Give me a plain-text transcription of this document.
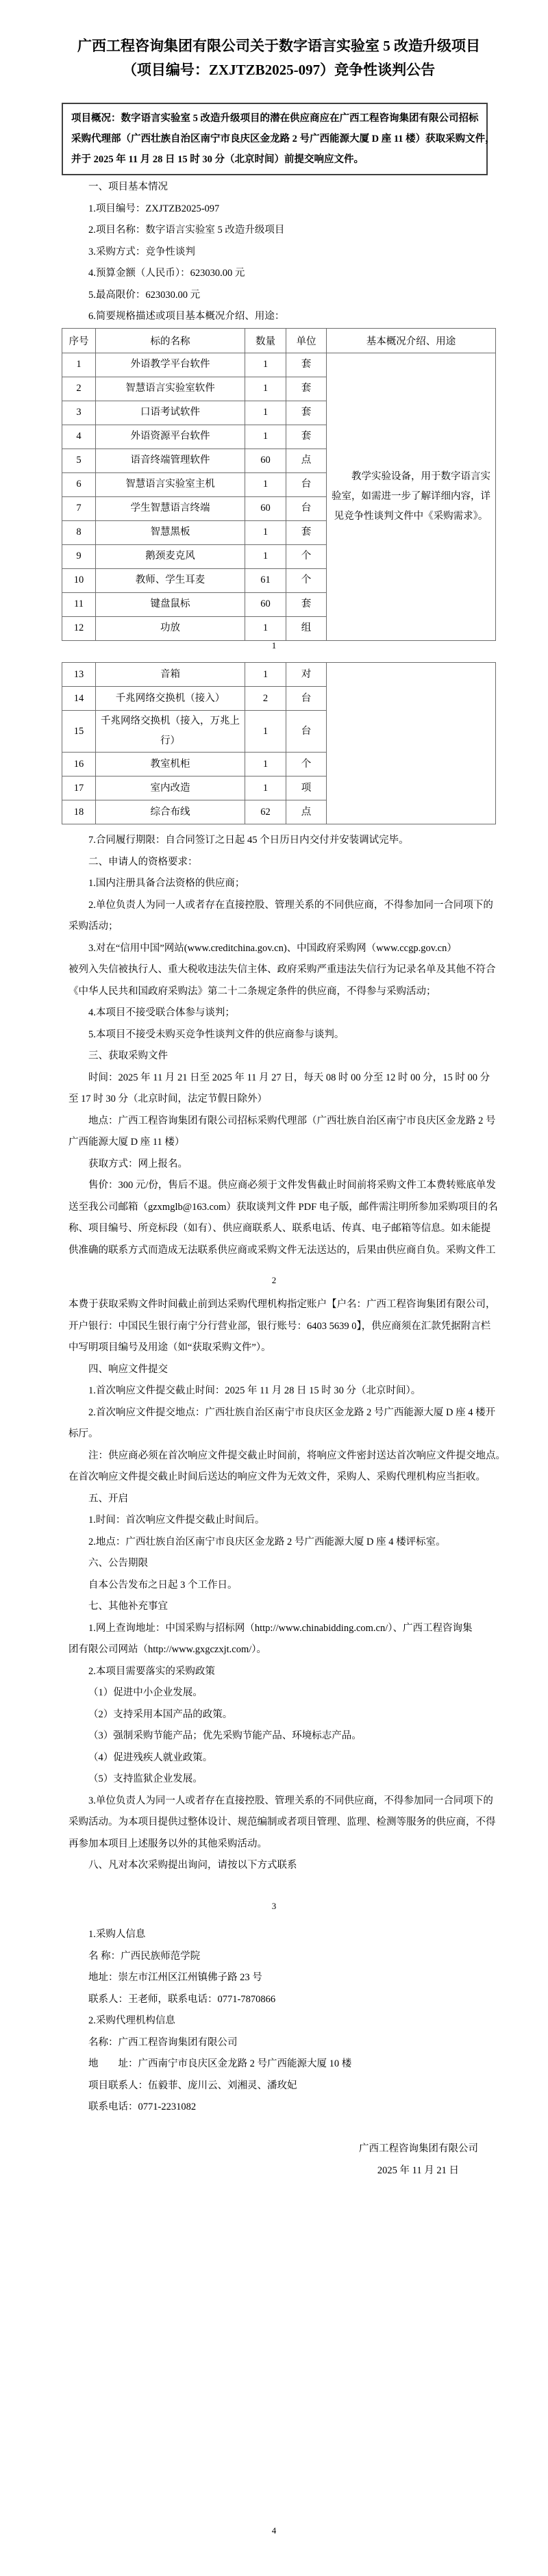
广西工程咨询集团有限公司关于数字语言实验室 5 改造升级项目
（项目编号：ZXJTZB2025-097）竞争性谈判公告
项目概况：数字语言实验室 5 改造升级项目的潜在供应商应在广西工程咨询集团有限公司招标
采购代理部（广西壮族自治区南宁市良庆区金龙路 2 号广西能源大厦 D 座 11 楼）获取采购文件，
并于 2025 年 11 月 28 日 15 时 30 分（北京时间）前提交响应文件。
一、项目基本情况
1.项目编号：ZXJTZB2025-097
2.项目名称：数字语言实验室 5 改造升级项目
3.采购方式：竞争性谈判
4.预算金额（人民币）：623030.00 元
5.最高限价：623030.00 元
6.简要规格描述或项目基本概况介绍、用途：
序号	标的名称	数量	单位	基本概况介绍、用途
1	外语教学平台软件	1	套	教学实验设备，用于数字语言实验室，如需进一步了解详细内容，详见竞争性谈判文件中《采购需求》。
2	智慧语言实验室软件	1	套	
3	口语考试软件	1	套	
4	外语资源平台软件	1	套	
5	语音终端管理软件	60	点	
6	智慧语言实验室主机	1	台	
7	学生智慧语言终端	60	台	
8	智慧黑板	1	套	
9	鹅颈麦克风	1	个	
10	教师、学生耳麦	61	个	
11	键盘鼠标	60	套	
12	功放	1	组	
1
13	音箱	1	对	
14	千兆网络交换机（接入）	2	台	
15	千兆网络交换机（接入，万兆上行）	1	台	
16	教室机柜	1	个	
17	室内改造	1	项	
18	综合布线	62	点	
7.合同履行期限：自合同签订之日起 45 个日历日内交付并安装调试完毕。
二、申请人的资格要求：
1.国内注册具备合法资格的供应商；
2.单位负责人为同一人或者存在直接控股、管理关系的不同供应商，不得参加同一合同项下的
采购活动；
3.对在“信用中国”网站(www.creditchina.gov.cn)、中国政府采购网（www.ccgp.gov.cn）
被列入失信被执行人、重大税收违法失信主体、政府采购严重违法失信行为记录名单及其他不符合
《中华人民共和国政府采购法》第二十二条规定条件的供应商，不得参与采购活动；
4.本项目不接受联合体参与谈判；
5.本项目不接受未购买竞争性谈判文件的供应商参与谈判。
三、获取采购文件
时间：2025 年 11 月 21 日至 2025 年 11 月 27 日，每天 08 时 00 分至 12 时 00 分，15 时 00 分
至 17 时 30 分（北京时间，法定节假日除外）
地点：广西工程咨询集团有限公司招标采购代理部（广西壮族自治区南宁市良庆区金龙路 2 号
广西能源大厦 D 座 11 楼）
获取方式：网上报名。
售价：300 元/份，售后不退。供应商必须于文件发售截止时间前将采购文件工本费转账底单发
送至我公司邮箱（gzxmglb@163.com）获取谈判文件 PDF 电子版，邮件需注明所参加采购项目的名
称、项目编号、所竞标段（如有）、供应商联系人、联系电话、传真、电子邮箱等信息。如未能提
供准确的联系方式而造成无法联系供应商或采购文件无法送达的，后果由供应商自负。采购文件工
2
本费于获取采购文件时间截止前到达采购代理机构指定账户【户名：广西工程咨询集团有限公司，
开户银行：中国民生银行南宁分行营业部，银行账号：6403 5639 0】，供应商须在汇款凭据附言栏
中写明项目编号及用途（如“获取采购文件”）。
四、响应文件提交
1.首次响应文件提交截止时间：2025 年 11 月 28 日 15 时 30 分（北京时间）。
2.首次响应文件提交地点：广西壮族自治区南宁市良庆区金龙路 2 号广西能源大厦 D 座 4 楼开
标厅。
注：供应商必须在首次响应文件提交截止时间前，将响应文件密封送达首次响应文件提交地点。
在首次响应文件提交截止时间后送达的响应文件为无效文件，采购人、采购代理机构应当拒收。
五、开启
1.时间：首次响应文件提交截止时间后。
2.地点：广西壮族自治区南宁市良庆区金龙路 2 号广西能源大厦 D 座 4 楼评标室。
六、公告期限
自本公告发布之日起 3 个工作日。
七、其他补充事宜
1.网上查询地址：中国采购与招标网（http://www.chinabidding.com.cn/）、广西工程咨询集
团有限公司网站（http://www.gxgczxjt.com/）。
2.本项目需要落实的采购政策
（1）促进中小企业发展。
（2）支持采用本国产品的政策。
（3）强制采购节能产品；优先采购节能产品、环境标志产品。
（4）促进残疾人就业政策。
（5）支持监狱企业发展。
3.单位负责人为同一人或者存在直接控股、管理关系的不同供应商，不得参加同一合同项下的
采购活动。为本项目提供过整体设计、规范编制或者项目管理、监理、检测等服务的供应商，不得
再参加本项目上述服务以外的其他采购活动。
八、凡对本次采购提出询问，请按以下方式联系
3
1.采购人信息
名 称：广西民族师范学院
地址：崇左市江州区江州镇佛子路 23 号
联系人：王老师，联系电话：0771-7870866
2.采购代理机构信息
名称：广西工程咨询集团有限公司
地　　址：广西南宁市良庆区金龙路 2 号广西能源大厦 10 楼
项目联系人：伍毅菲、庞川云、刘湘灵、潘玫妃
联系电话：0771-2231082
广西工程咨询集团有限公司
2025 年 11 月 21 日
4
